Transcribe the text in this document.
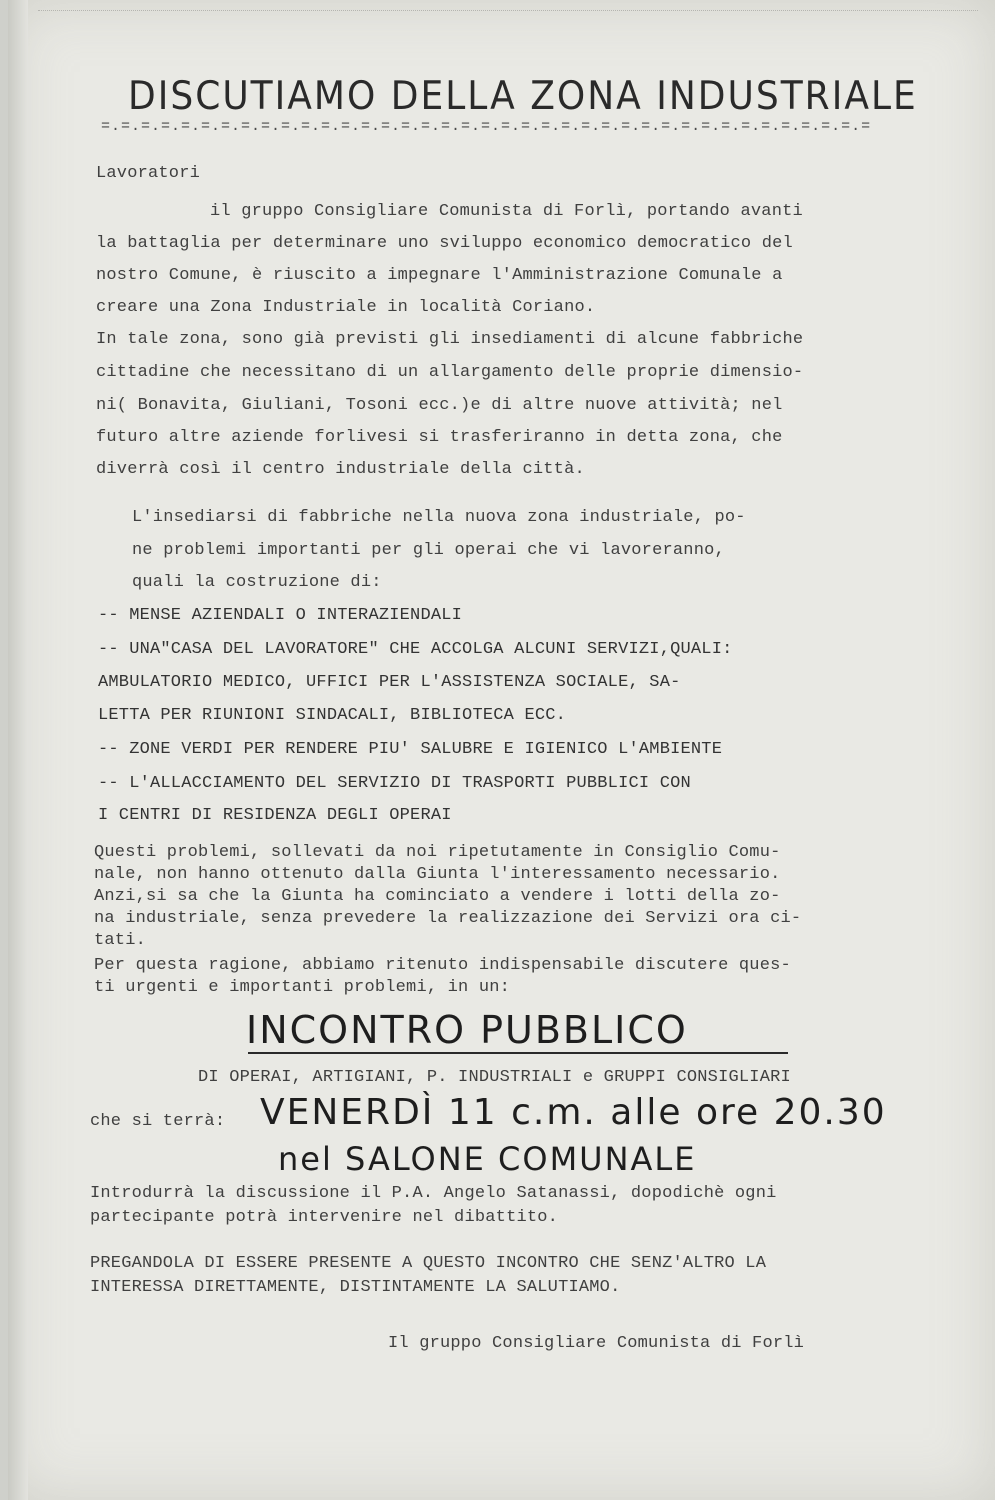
DISCUTIAMO DELLA ZONA INDUSTRIALE
=.=.=.=.=.=.=.=.=.=.=.=.=.=.=.=.=.=.=.=.=.=.=.=.=.=.=.=.=.=.=.=.=.=.=.=.=.=.=
Lavoratori
il gruppo Consigliare Comunista di Forlì, portando avanti
la battaglia per determinare uno sviluppo economico democratico del
nostro Comune, è riuscito a impegnare l'Amministrazione Comunale a
creare una Zona Industriale in località Coriano.
In tale zona, sono già previsti gli insediamenti di alcune fabbriche
cittadine che necessitano di un allargamento delle proprie dimensio-
ni( Bonavita, Giuliani, Tosoni ecc.)e di altre nuove attività; nel
futuro altre aziende forlivesi si trasferiranno in detta zona, che
diverrà così il centro industriale della città.
L'insediarsi di fabbriche nella nuova zona industriale, po-
ne problemi importanti per gli operai che vi lavoreranno,
quali la costruzione di:
-- MENSE AZIENDALI O INTERAZIENDALI
-- UNA"CASA DEL LAVORATORE" CHE ACCOLGA ALCUNI SERVIZI,QUALI:
AMBULATORIO MEDICO, UFFICI PER L'ASSISTENZA SOCIALE, SA-
LETTA PER RIUNIONI SINDACALI, BIBLIOTECA ECC.
-- ZONE VERDI PER RENDERE PIU' SALUBRE E IGIENICO L'AMBIENTE
-- L'ALLACCIAMENTO DEL SERVIZIO DI TRASPORTI PUBBLICI CON
I CENTRI DI RESIDENZA DEGLI OPERAI
Questi problemi, sollevati da noi ripetutamente in Consiglio Comu-
nale, non hanno ottenuto dalla Giunta l'interessamento necessario.
Anzi,si sa che la Giunta ha cominciato a vendere i lotti della zo-
na industriale, senza prevedere la realizzazione dei Servizi ora ci-
tati.
Per questa ragione, abbiamo ritenuto indispensabile discutere ques-
ti urgenti e importanti problemi, in un:
INCONTRO PUBBLICO
DI OPERAI, ARTIGIANI, P. INDUSTRIALI e GRUPPI CONSIGLIARI
che si terrà: VENERDÌ 11 c.m. alle ore 20.30
nel SALONE COMUNALE
Introdurrà la discussione il P.A. Angelo Satanassi, dopodichè ogni
partecipante potrà intervenire nel dibattito.
PREGANDOLA DI ESSERE PRESENTE A QUESTO INCONTRO CHE SENZ'ALTRO LA
INTERESSA DIRETTAMENTE, DISTINTAMENTE LA SALUTIAMO.
Il gruppo Consigliare Comunista di Forlì
